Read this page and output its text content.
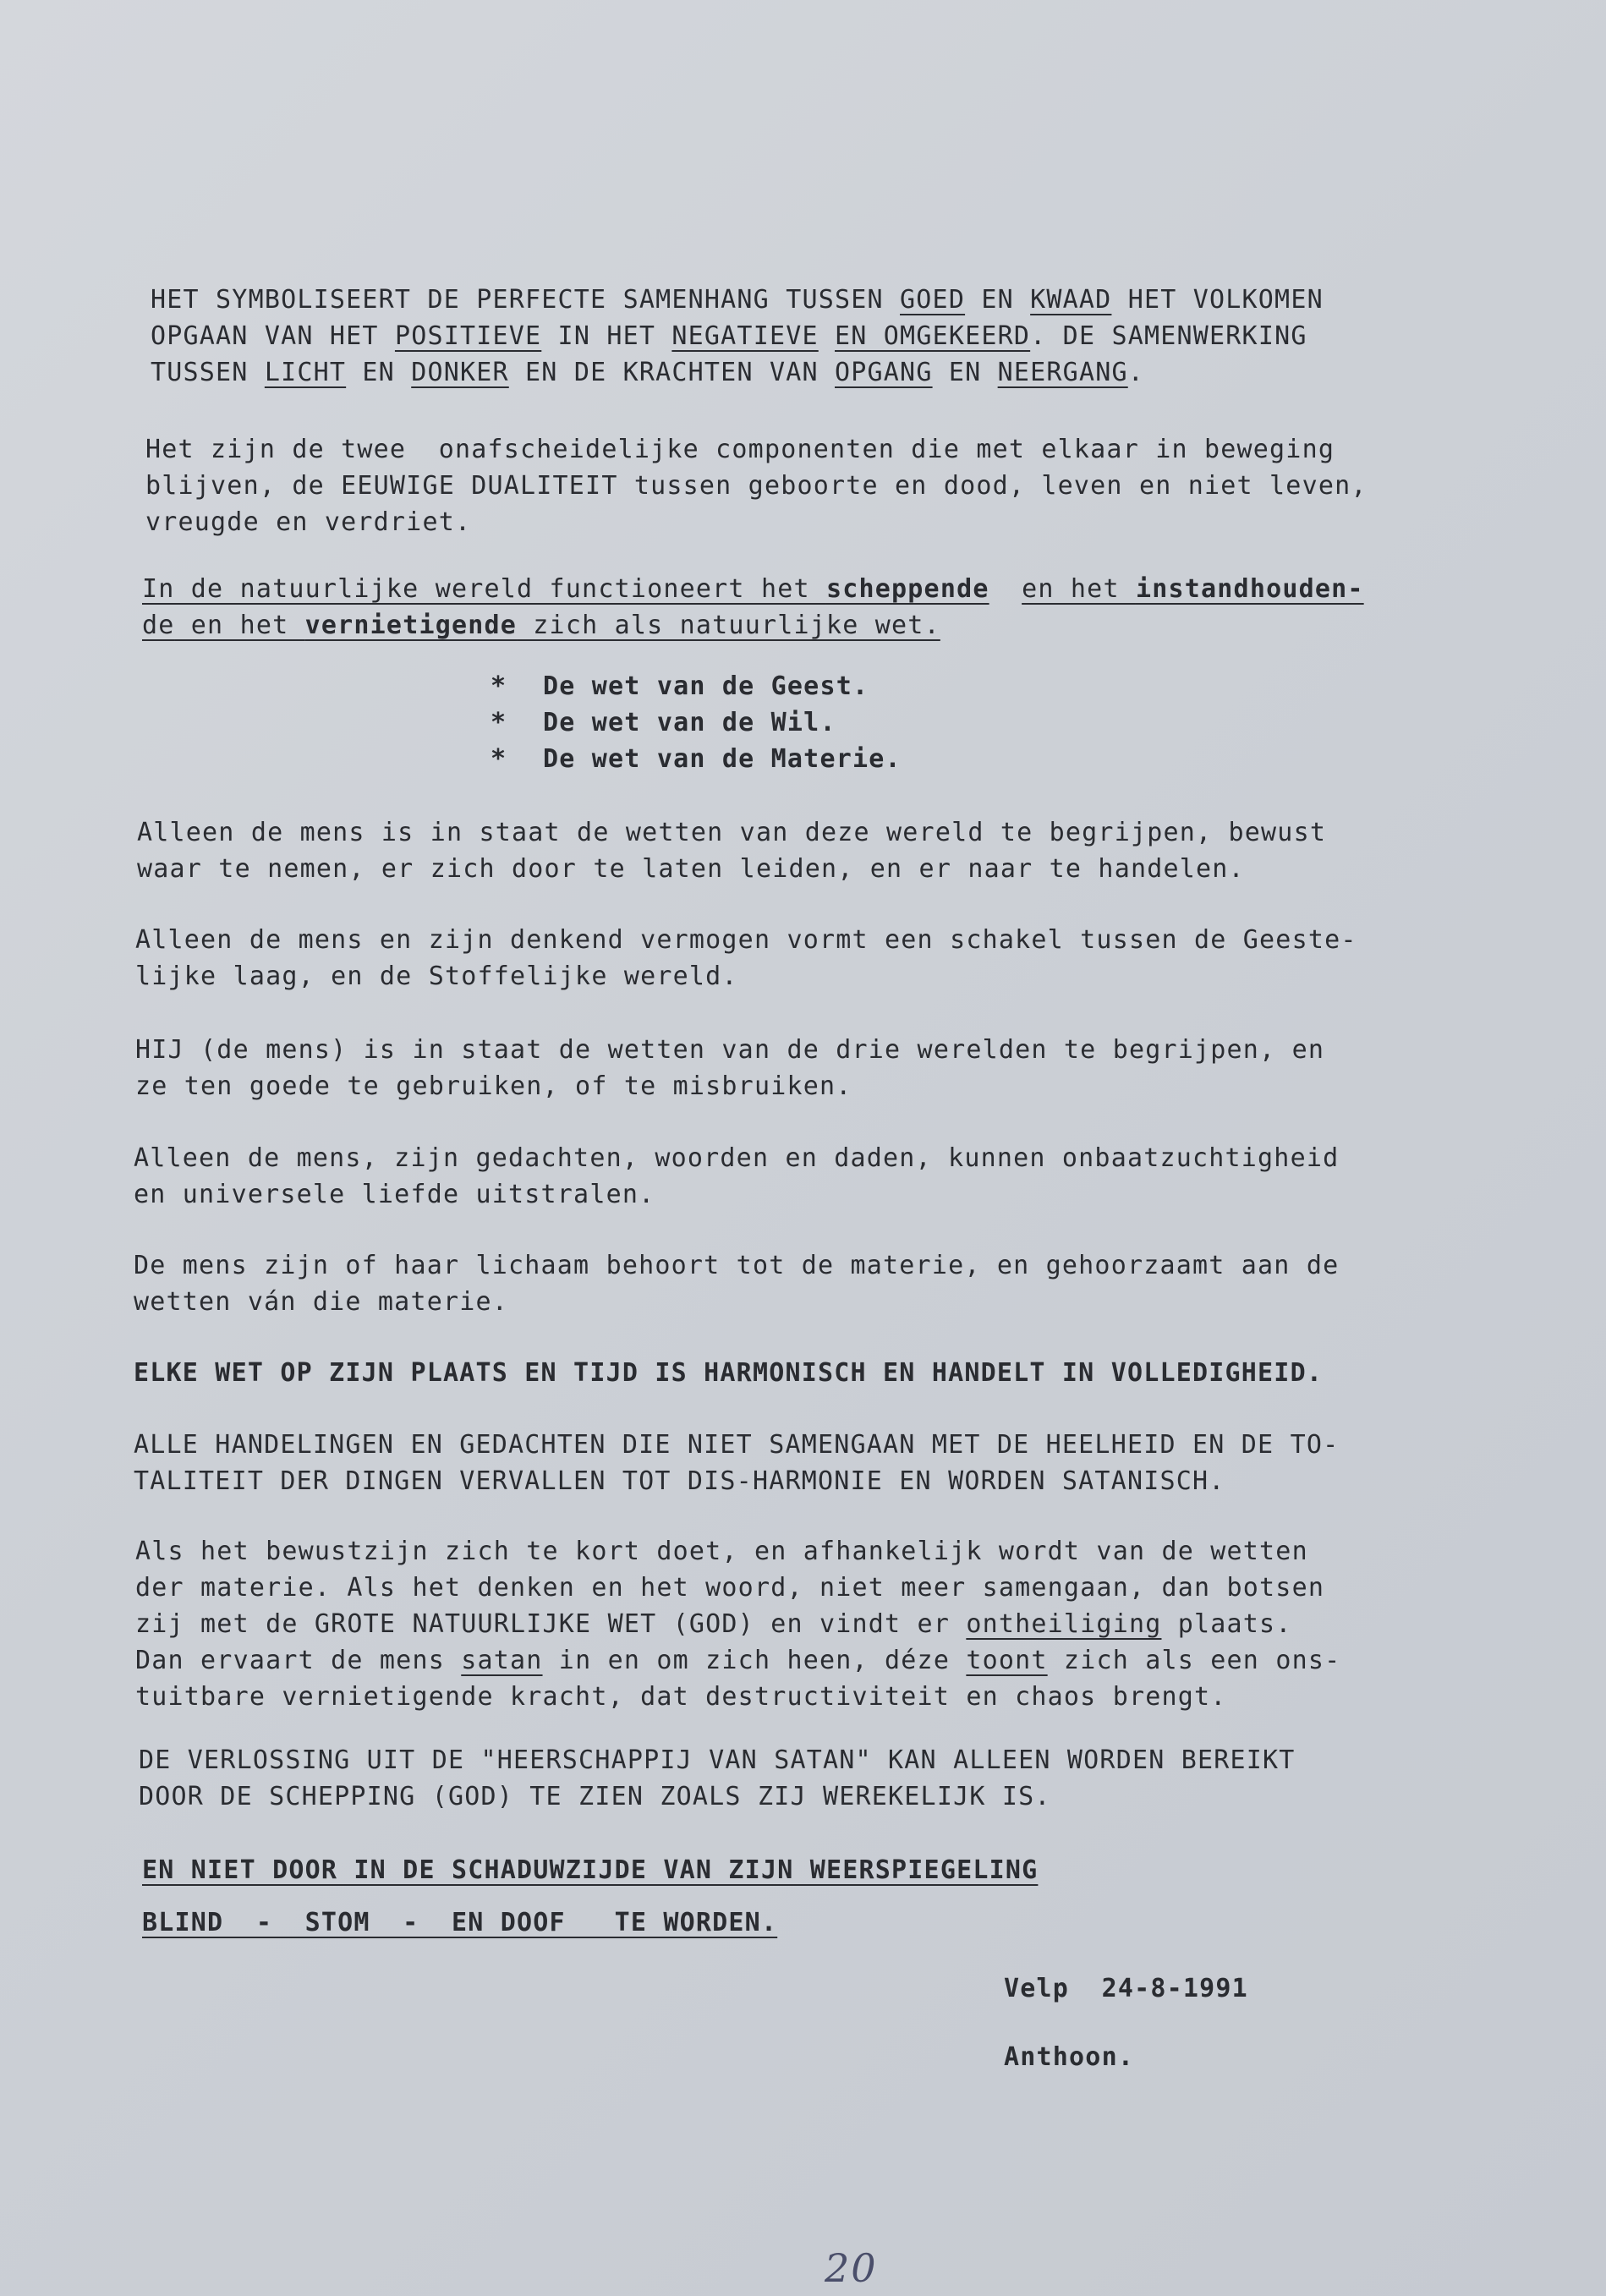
HET SYMBOLISEERT DE PERFECTE SAMENHANG TUSSEN GOED EN KWAAD HET VOLKOMEN
OPGAAN VAN HET POSITIEVE IN HET NEGATIEVE EN OMGEKEERD. DE SAMENWERKING
TUSSEN LICHT EN DONKER EN DE KRACHTEN VAN OPGANG EN NEERGANG.
Het zijn de twee  onafscheidelijke componenten die met elkaar in beweging
blijven, de EEUWIGE DUALITEIT tussen geboorte en dood, leven en niet leven,
vreugde en verdriet.
In de natuurlijke wereld functioneert het scheppende en het instandhouden-
de en het vernietigende zich als natuurlijke wet.
* De wet van de Geest.
* De wet van de Wil.
* De wet van de Materie.
Alleen de mens is in staat de wetten van deze wereld te begrijpen, bewust
waar te nemen, er zich door te laten leiden, en er naar te handelen.
Alleen de mens en zijn denkend vermogen vormt een schakel tussen de Geeste-
lijke laag, en de Stoffelijke wereld.
HIJ (de mens) is in staat de wetten van de drie werelden te begrijpen, en
ze ten goede te gebruiken, of te misbruiken.
Alleen de mens, zijn gedachten, woorden en daden, kunnen onbaatzuchtigheid
en universele liefde uitstralen.
De mens zijn of haar lichaam behoort tot de materie, en gehoorzaamt aan de
wetten ván die materie.
ELKE WET OP ZIJN PLAATS EN TIJD IS HARMONISCH EN HANDELT IN VOLLEDIGHEID.
ALLE HANDELINGEN EN GEDACHTEN DIE NIET SAMENGAAN MET DE HEELHEID EN DE TO-
TALITEIT DER DINGEN VERVALLEN TOT DIS-HARMONIE EN WORDEN SATANISCH.
Als het bewustzijn zich te kort doet, en afhankelijk wordt van de wetten
der materie. Als het denken en het woord, niet meer samengaan, dan botsen
zij met de GROTE NATUURLIJKE WET (GOD) en vindt er ontheiliging plaats.
Dan ervaart de mens satan in en om zich heen, déze toont zich als een ons-
tuitbare vernietigende kracht, dat destructiviteit en chaos brengt.
DE VERLOSSING UIT DE "HEERSCHAPPIJ VAN SATAN" KAN ALLEEN WORDEN BEREIKT
DOOR DE SCHEPPING (GOD) TE ZIEN ZOALS ZIJ WEREKELIJK IS.
EN NIET DOOR IN DE SCHADUWZIJDE VAN ZIJN WEERSPIEGELING
BLIND  -  STOM  -  EN DOOF   TE WORDEN.
Velp  24-8-1991
Anthoon.
20
